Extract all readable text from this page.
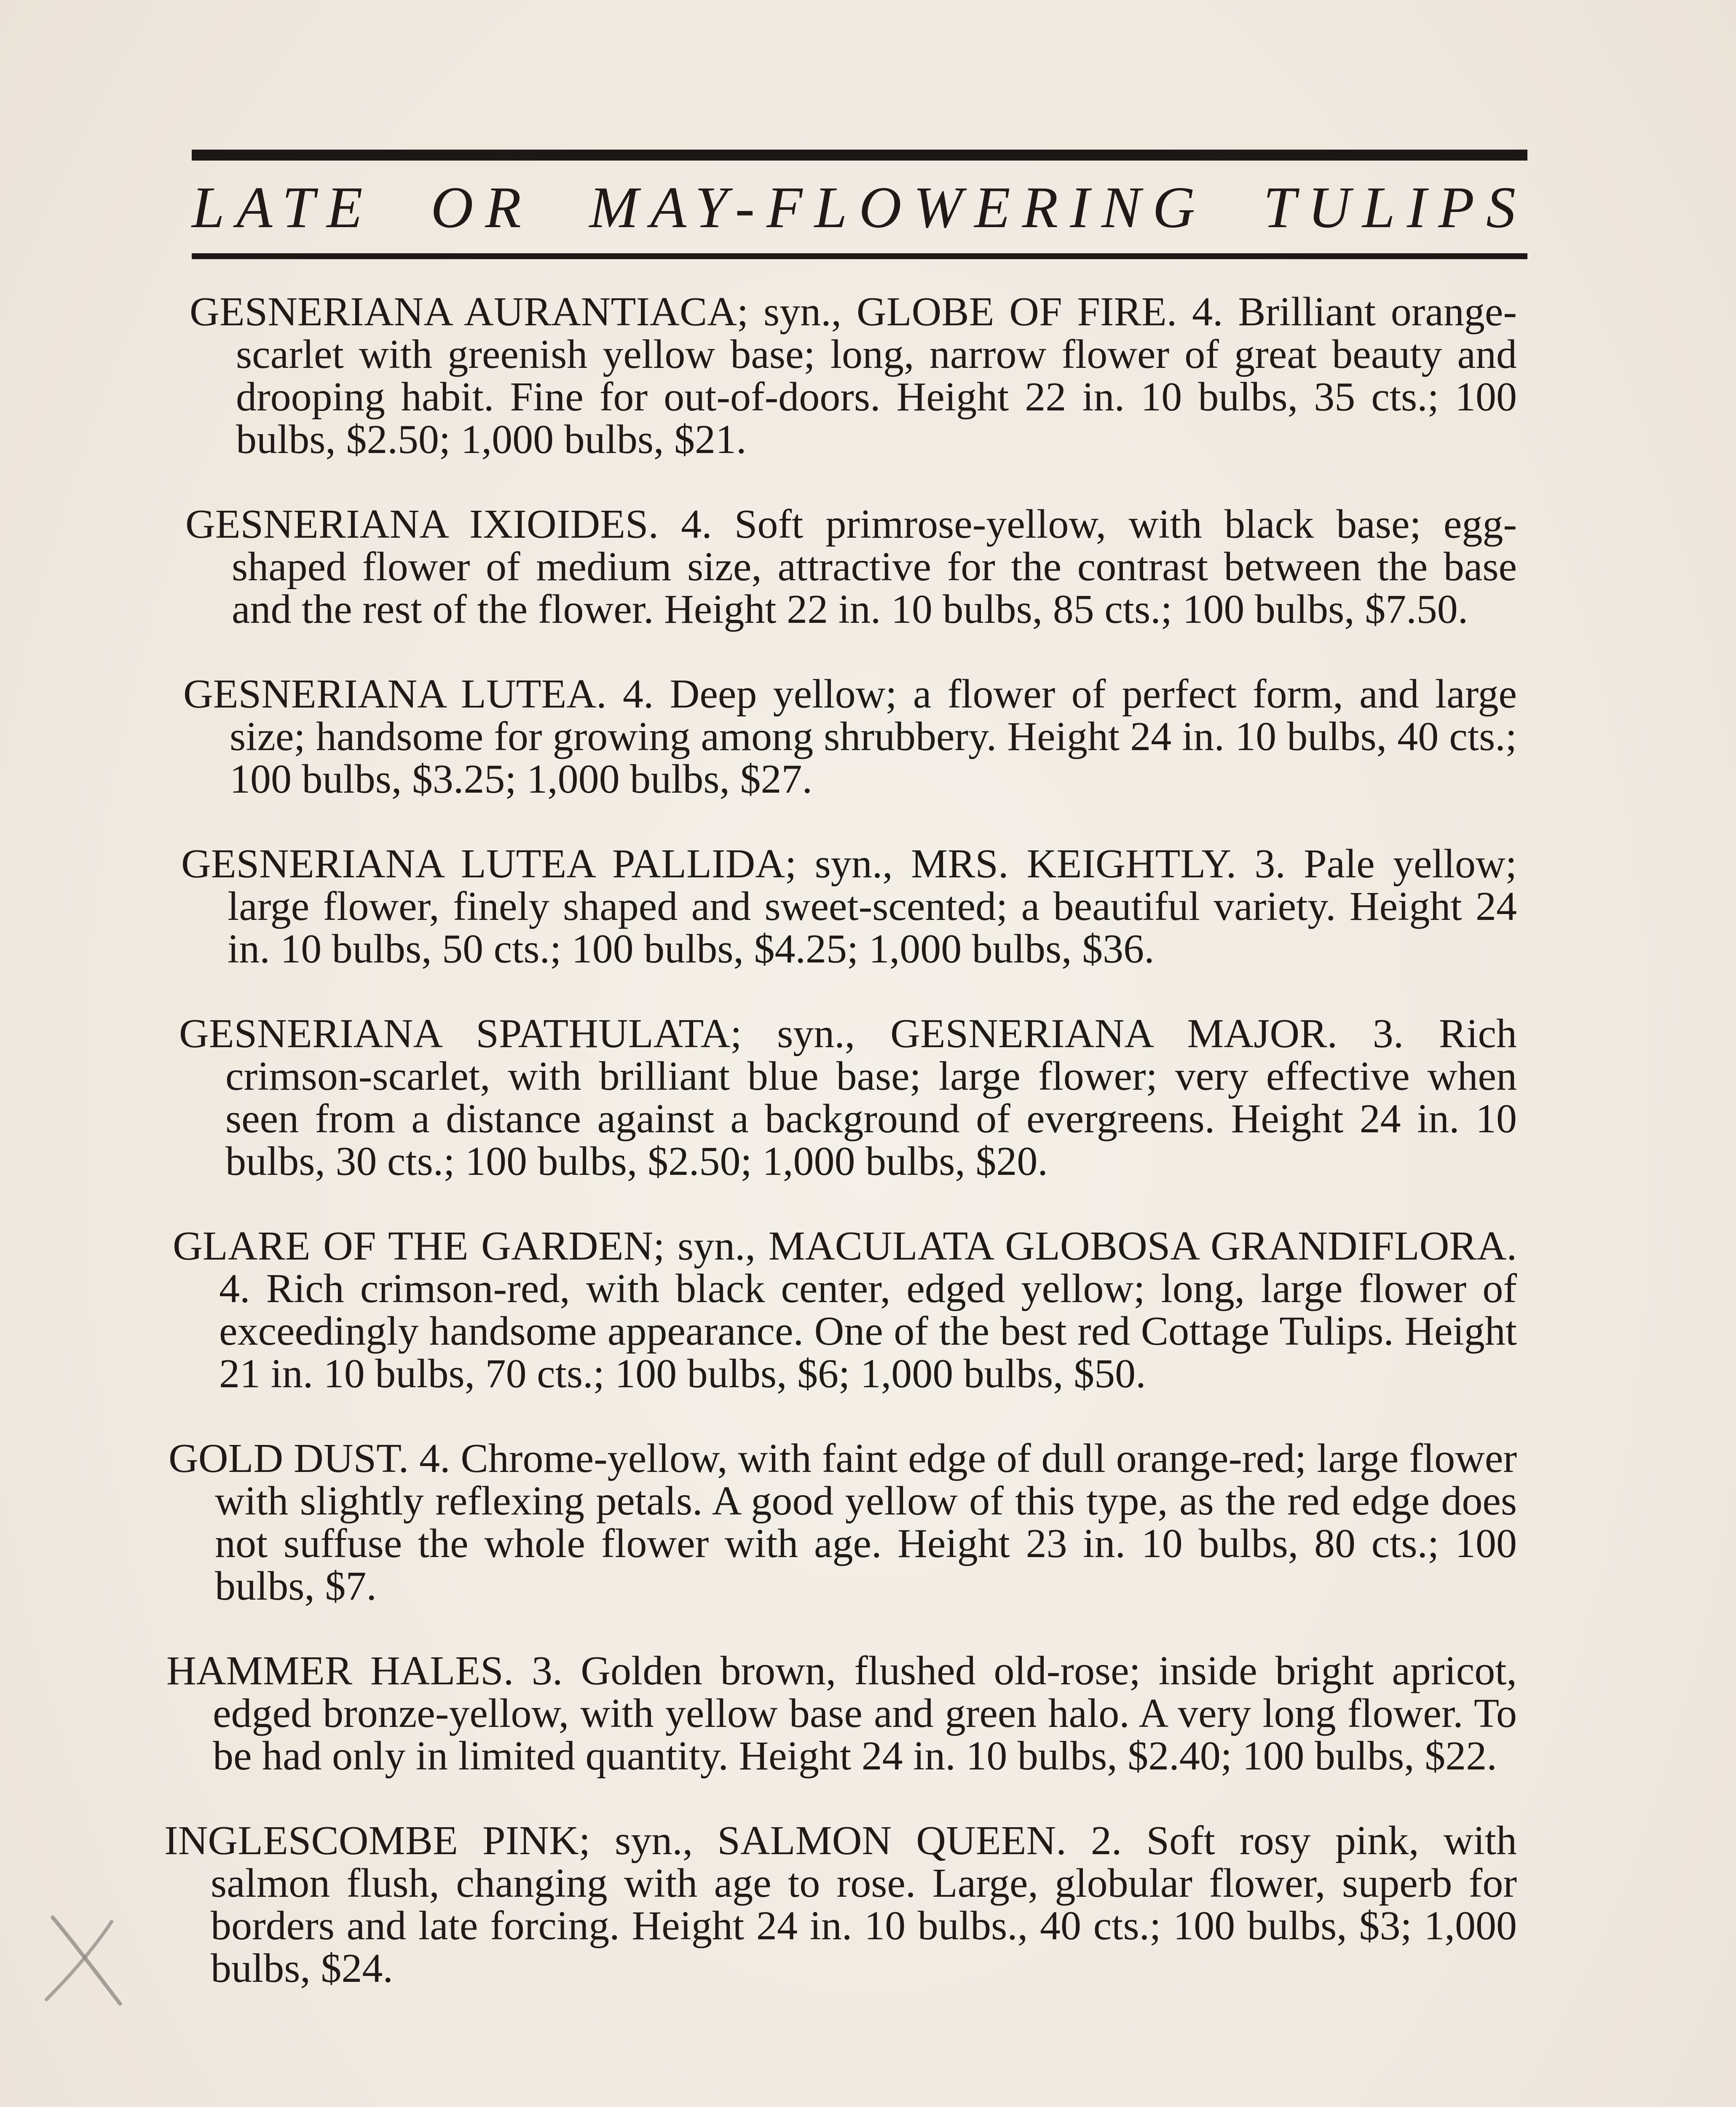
LATE OR MAY-FLOWERING TULIPS

GESNERIANA AURANTIACA; syn., GLOBE OF FIRE. 4. Brilliant orange-scarlet with greenish yellow base; long, narrow flower of great beauty and drooping habit. Fine for out-of-doors. Height 22 in. 10 bulbs, 35 cts.; 100 bulbs, $2.50; 1,000 bulbs, $21.

GESNERIANA IXIOIDES. 4. Soft primrose-yellow, with black base; egg-shaped flower of medium size, attractive for the contrast between the base and the rest of the flower. Height 22 in. 10 bulbs, 85 cts.; 100 bulbs, $7.50.

GESNERIANA LUTEA. 4. Deep yellow; a flower of perfect form, and large size; handsome for growing among shrubbery. Height 24 in. 10 bulbs, 40 cts.; 100 bulbs, $3.25; 1,000 bulbs, $27.

GESNERIANA LUTEA PALLIDA; syn., MRS. KEIGHTLY. 3. Pale yellow; large flower, finely shaped and sweet-scented; a beautiful variety. Height 24 in. 10 bulbs, 50 cts.; 100 bulbs, $4.25; 1,000 bulbs, $36.

GESNERIANA SPATHULATA; syn., GESNERIANA MAJOR. 3. Rich crimson-scarlet, with brilliant blue base; large flower; very effective when seen from a distance against a background of evergreens. Height 24 in. 10 bulbs, 30 cts.; 100 bulbs, $2.50; 1,000 bulbs, $20.

GLARE OF THE GARDEN; syn., MACULATA GLOBOSA GRANDIFLORA. 4. Rich crimson-red, with black center, edged yellow; long, large flower of exceedingly handsome appearance. One of the best red Cottage Tulips. Height 21 in. 10 bulbs, 70 cts.; 100 bulbs, $6; 1,000 bulbs, $50.

GOLD DUST. 4. Chrome-yellow, with faint edge of dull orange-red; large flower with slightly reflexing petals. A good yellow of this type, as the red edge does not suffuse the whole flower with age. Height 23 in. 10 bulbs, 80 cts.; 100 bulbs, $7.

HAMMER HALES. 3. Golden brown, flushed old-rose; inside bright apricot, edged bronze-yellow, with yellow base and green halo. A very long flower. To be had only in limited quantity. Height 24 in. 10 bulbs, $2.40; 100 bulbs, $22.

INGLESCOMBE PINK; syn., SALMON QUEEN. 2. Soft rosy pink, with salmon flush, changing with age to rose. Large, globular flower, superb for borders and late forcing. Height 24 in. 10 bulbs., 40 cts.; 100 bulbs, $3; 1,000 bulbs, $24.
